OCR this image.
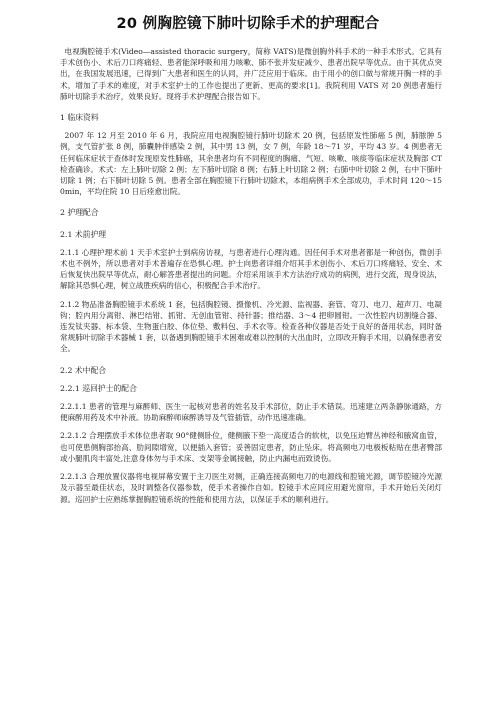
20 例胸腔镜下肺叶切除手术的护理配合

电视胸腔镜手术(Video—assisted thoracic surgery，简称 VATS)是微创胸外科手术的一种手术形式。它具有手术创伤小、术后刀口疼痛轻、患者能深呼吸和用力咳嗽、肺不张并发症减少、患者出院早等优点。由于其优点突出，在我国发展迅速，已得到广大患者和医生的认同，并广泛应用于临床。由于用小的创口做与常规开胸一样的手术，增加了手术的难度，对手术室护士的工作也提出了更新、更高的要求[1]。我院利用 VATS 对 20 例患者施行肺叶切除手术治疗，效果良好。现将手术护理配合报告如下。

1 临床资料

2007 年 12 月至 2010 年 6 月，我院应用电视胸腔镜行肺叶切除术 20 例，包括原发性肺癌 5 例，肺脓肿 5 例，支气管扩张 8 例，肺囊肿伴感染 2 例，其中男 13 例，女 7 例，年龄 18～71 岁，平均 43 岁。4 例患者无任何临床症状于查体时发现原发性肺癌，其余患者均有不同程度的胸痛、气短、咳嗽、咳痰等临床症状及胸部 CT 检查确诊。术式：左上肺叶切除 2 例；左下肺叶切除 8 例；右肺上叶切除 2 例；右肺中叶切除 2 例，右中下肺叶切除 1 例；右下肺叶切除 5 例。患者全部在胸腔镜下行肺叶切除术，本组病例手术全部成功，手术时间 120～150min，平均住院 10 日后痊愈出院。

2 护理配合

2.1 术前护理

2.1.1 心理护理术前 1 天手术室护士到病房访视，与患者进行心理沟通。因任何手术对患者都是一种创伤，微创手术也不例外，所以患者对手术普遍存在恐惧心理。护士向患者详细介绍其手术创伤小、术后刀口疼痛轻、安全、术后恢复快出院早等优点，耐心解答患者提出的问题。介绍采用该手术方法治疗成功的病例，进行交流，现身说法，解除其恐惧心理，树立战胜疾病的信心，积极配合手术治疗。

2.1.2 物品准备胸腔镜手术系统 1 套，包括胸腔镜、摄像机、冷光源、监视器、套管、弯刀、电刀、超声刀、电凝钩；腔内用分离钳、淋巴结钳、抓钳、无创血管钳、持针器；推结器、3～4 把卵圆钳。一次性腔内切割缝合器、连发钛夹器、标本袋、生物蛋白胶、体位垫、敷料包、手术衣等。检查各种仪器是否处于良好的备用状态，同时备常规肺叶切除手术器械 1 套，以备遇到胸腔镜手术困难或难以控制的大出血时，立即改开胸手术用，以确保患者安全。

2.2 术中配合

2.2.1 巡回护士的配合

2.2.1.1 患者的管理与麻醉师、医生一起核对患者的姓名及手术部位，防止手术错误。迅速建立两条静脉通路，方便麻醉用药及术中补液。协助麻醉师麻醉诱导及气管插管，动作迅速准确。

2.2.1.2 合理摆放手术体位患者取 90°健侧卧位，健侧腋下垫一高度适合的软枕，以免压迫臂丛神经和腋窝血管，也可使患侧胸部抬高、肋间隙增宽，以便插入套管；妥善固定患者，防止坠床。将高频电刀电极板粘贴在患者臀部或小腿肌肉丰富处,注意身体勿与手术床、支架等金属接触，防止内漏电而致烫伤。

2.2.1.3 合理放置仪器将电视屏幕安置于主刀医生对侧，正确连接高频电刀的电源线和腔镜光源，调节腔镜冷光源及示器至最佳状态，及时调整各仪器参数，使手术者操作自如。腔镜手术应同应用避光窗帘，手术开始后关闭灯源。巡回护士应熟练掌握胸腔镜系统的性能和使用方法，以保证手术的顺利进行。
